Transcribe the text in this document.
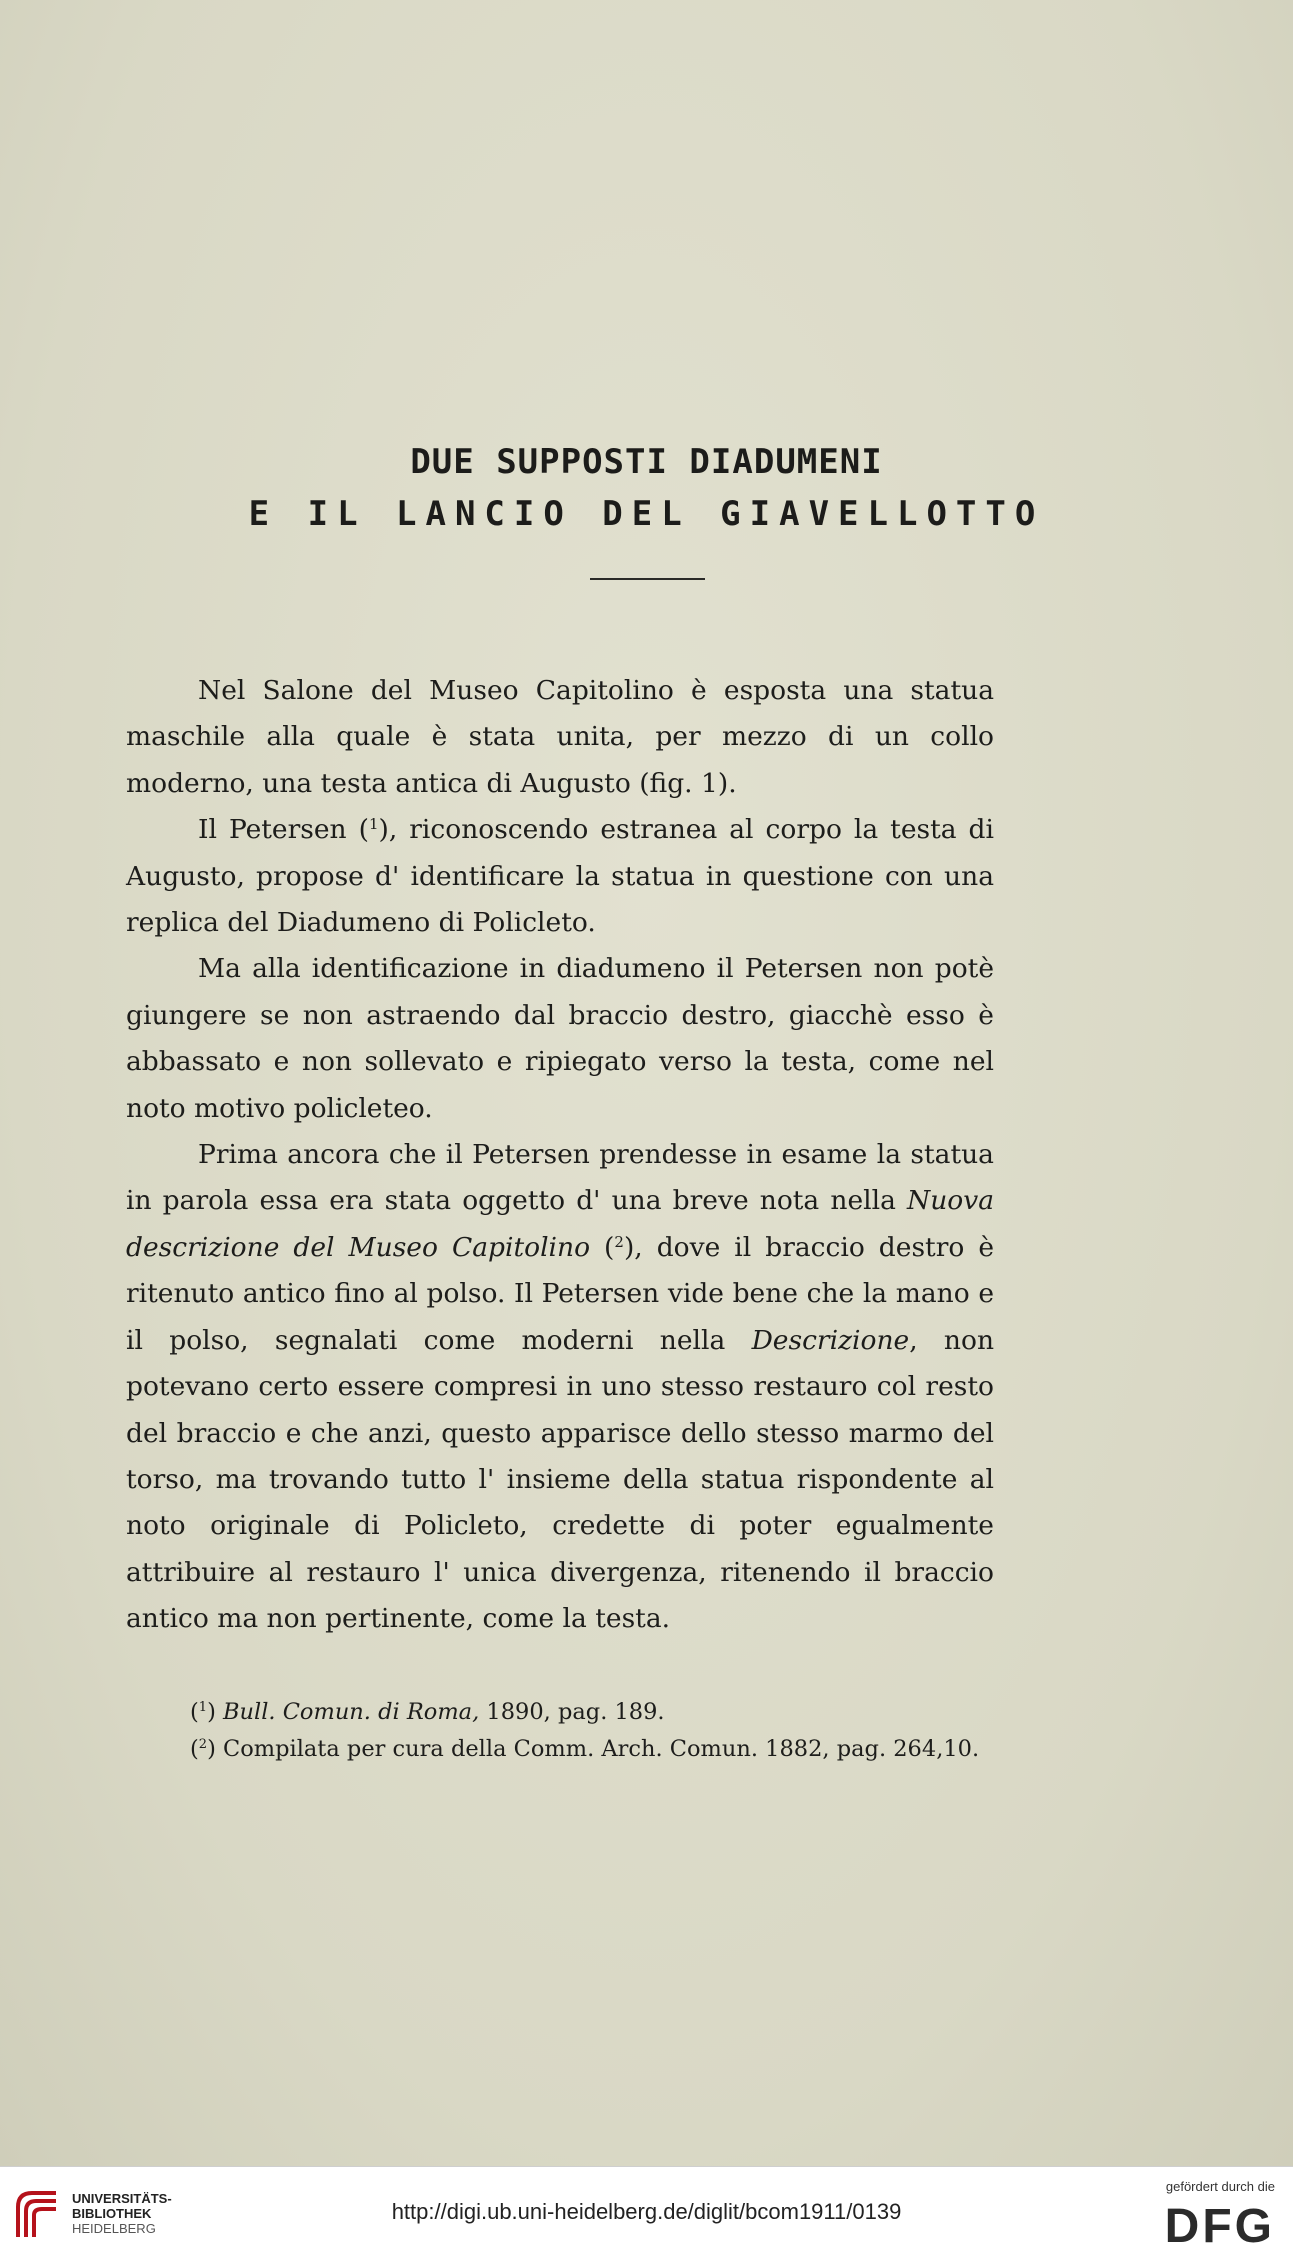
DUE SUPPOSTI DIADUMENI
E IL LANCIO DEL GIAVELLOTTO

Nel Salone del Museo Capitolino è esposta una statua maschile alla quale è stata unita, per mezzo di un collo moderno, una testa antica di Augusto (fig. 1).

Il Petersen ($^1$), riconoscendo estranea al corpo la testa di Augusto, propose d' identificare la statua in questione con una replica del Diadumeno di Policleto.

Ma alla identificazione in diadumeno il Petersen non potè giungere se non astraendo dal braccio destro, giacchè esso è abbassato e non sollevato e ripiegato verso la testa, come nel noto motivo policleteo.

Prima ancora che il Petersen prendesse in esame la statua in parola essa era stata oggetto d' una breve nota nella Nuova descrizione del Museo Capitolino ($^2$), dove il braccio destro è ritenuto antico fino al polso. Il Petersen vide bene che la mano e il polso, segnalati come moderni nella Descrizione, non potevano certo essere compresi in uno stesso restauro col resto del braccio e che anzi, questo apparisce dello stesso marmo del torso, ma trovando tutto l' insieme della statua rispondente al noto originale di Policleto, credette di poter egualmente attribuire al restauro l' unica divergenza, ritenendo il braccio antico ma non pertinente, come la testa.

($^1$) Bull. Comun. di Roma, 1890, pag. 189.
($^2$) Compilata per cura della Comm. Arch. Comun. 1882, pag. 264,10.
UNIVERSITÄTS-
BIBLIOTHEK
HEIDELBERG
http://digi.ub.uni-heidelberg.de/diglit/bcom1911/0139
gefördert durch die
DFG
